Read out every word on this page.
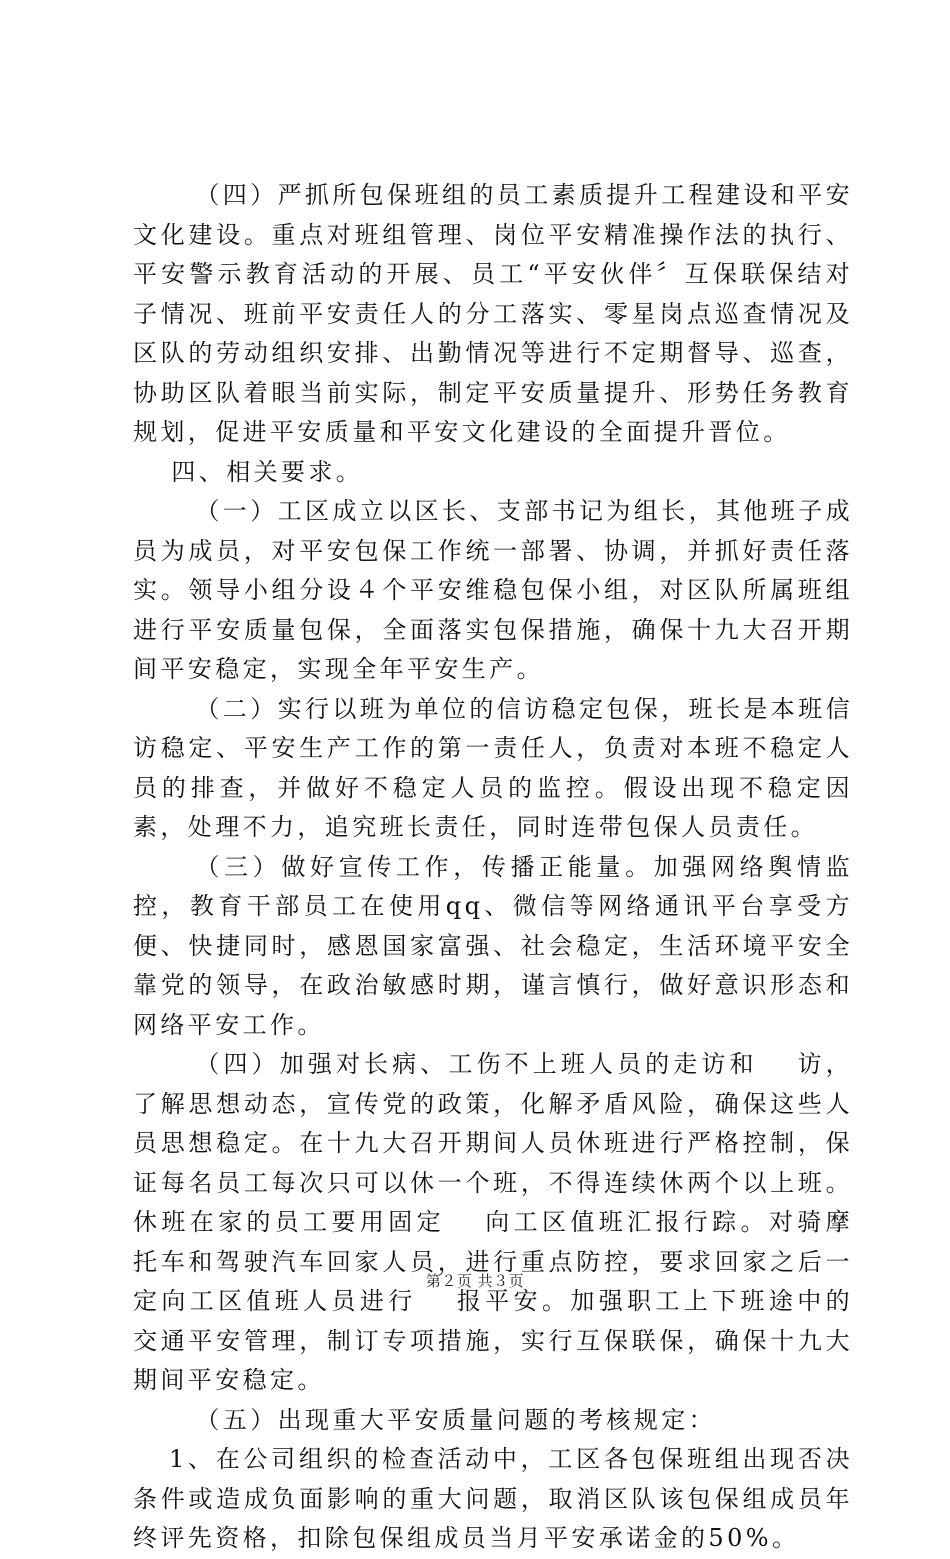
（四）严抓所包保班组的员工素质提升工程建设和平安文化建设。重点对班组管理、岗位平安精准操作法的执行、平安警示教育活动的开展、员工“平安伙伴〞互保联保结对子情况、班前平安责任人的分工落实、零星岗点巡查情况及区队的劳动组织安排、出勤情况等进行不定期督导、巡查，协助区队着眼当前实际，制定平安质量提升、形势任务教育规划，促进平安质量和平安文化建设的全面提升晋位。

四、相关要求。

（一）工区成立以区长、支部书记为组长，其他班子成员为成员，对平安包保工作统一部署、协调，并抓好责任落实。领导小组分设４个平安维稳包保小组，对区队所属班组进行平安质量包保，全面落实包保措施，确保十九大召开期间平安稳定，实现全年平安生产。

（二）实行以班为单位的信访稳定包保，班长是本班信访稳定、平安生产工作的第一责任人，负责对本班不稳定人员的排查，并做好不稳定人员的监控。假设出现不稳定因素，处理不力，追究班长责任，同时连带包保人员责任。

（三）做好宣传工作，传播正能量。加强网络舆情监控，教育干部员工在使用qq、微信等网络通讯平台享受方便、快捷同时，感恩国家富强、社会稳定，生活环境平安全靠党的领导，在政治敏感时期，谨言慎行，做好意识形态和网络平安工作。

（四）加强对长病、工伤不上班人员的走访和　 访，了解思想动态，宣传党的政策，化解矛盾风险，确保这些人员思想稳定。在十九大召开期间人员休班进行严格控制，保证每名员工每次只可以休一个班，不得连续休两个以上班。休班在家的员工要用固定　 向工区值班汇报行踪。对骑摩托车和驾驶汽车回家人员，进行重点防控，要求回家之后一定向工区值班人员进行　 报平安。加强职工上下班途中的交通平安管理，制订专项措施，实行互保联保，确保十九大期间平安稳定。

（五）出现重大平安质量问题的考核规定：

1、在公司组织的检查活动中，工区各包保班组出现否决条件或造成负面影响的重大问题，取消区队该包保组成员年终评先资格，扣除包保组成员当月平安承诺金的50%。

第２页 共３页
